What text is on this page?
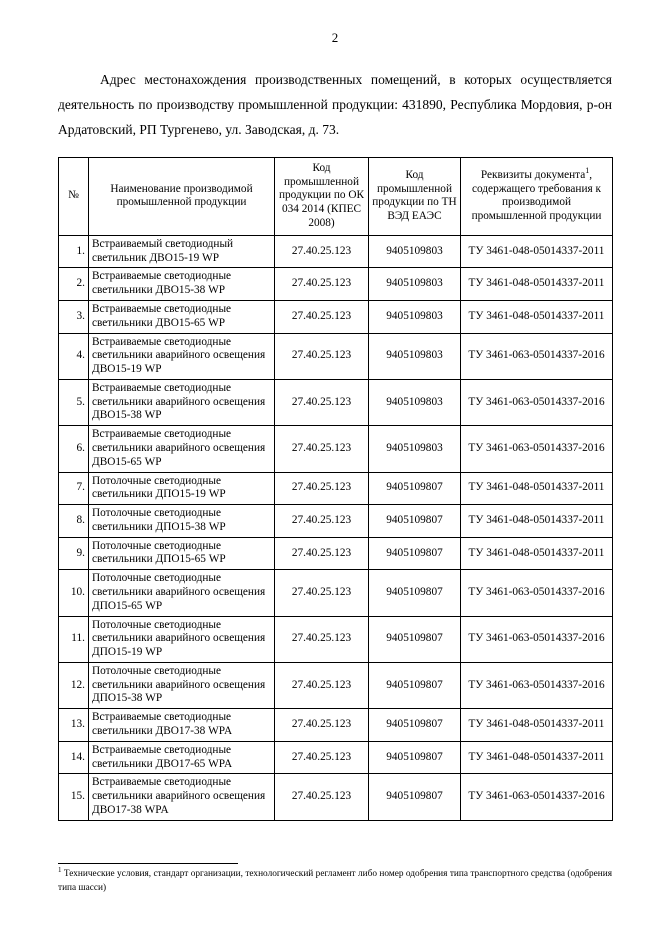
2
Адрес местонахождения производственных помещений, в которых осуществляется деятельность по производству промышленной продукции: 431890, Республика Мордовия, р-он Ардатовский, РП Тургенево, ул. Заводская, д. 73.
№	Наименование производимой промышленной продукции	Код промышленной продукции по ОК 034 2014 (КПЕС 2008)	Код промышленной продукции по ТН ВЭД ЕАЭС	Реквизиты документа$^1$, содержащего требования к производимой промышленной продукции
1.	Встраиваемый светодиодный светильник ДВО15-19 WP	27.40.25.123	9405109803	ТУ 3461-048-05014337-2011
2.	Встраиваемые светодиодные светильники ДВО15-38 WP	27.40.25.123	9405109803	ТУ 3461-048-05014337-2011
3.	Встраиваемые светодиодные светильники ДВО15-65 WP	27.40.25.123	9405109803	ТУ 3461-048-05014337-2011
4.	Встраиваемые светодиодные светильники аварийного освещения ДВО15-19 WP	27.40.25.123	9405109803	ТУ 3461-063-05014337-2016
5.	Встраиваемые светодиодные светильники аварийного освещения ДВО15-38 WP	27.40.25.123	9405109803	ТУ 3461-063-05014337-2016
6.	Встраиваемые светодиодные светильники аварийного освещения ДВО15-65 WP	27.40.25.123	9405109803	ТУ 3461-063-05014337-2016
7.	Потолочные светодиодные светильники ДПО15-19 WP	27.40.25.123	9405109807	ТУ 3461-048-05014337-2011
8.	Потолочные светодиодные светильники ДПО15-38 WP	27.40.25.123	9405109807	ТУ 3461-048-05014337-2011
9.	Потолочные светодиодные светильники ДПО15-65 WP	27.40.25.123	9405109807	ТУ 3461-048-05014337-2011
10.	Потолочные светодиодные светильники аварийного освещения ДПО15-65 WP	27.40.25.123	9405109807	ТУ 3461-063-05014337-2016
11.	Потолочные светодиодные светильники аварийного освещения ДПО15-19 WP	27.40.25.123	9405109807	ТУ 3461-063-05014337-2016
12.	Потолочные светодиодные светильники аварийного освещения ДПО15-38 WP	27.40.25.123	9405109807	ТУ 3461-063-05014337-2016
13.	Встраиваемые светодиодные светильники ДВО17-38 WPA	27.40.25.123	9405109807	ТУ 3461-048-05014337-2011
14.	Встраиваемые светодиодные светильники ДВО17-65 WPA	27.40.25.123	9405109807	ТУ 3461-048-05014337-2011
15.	Встраиваемые светодиодные светильники аварийного освещения ДВО17-38 WPA	27.40.25.123	9405109807	ТУ 3461-063-05014337-2016
$^1$ Технические условия, стандарт организации, технологический регламент либо номер одобрения типа транспортного средства (одобрения типа шасси)
